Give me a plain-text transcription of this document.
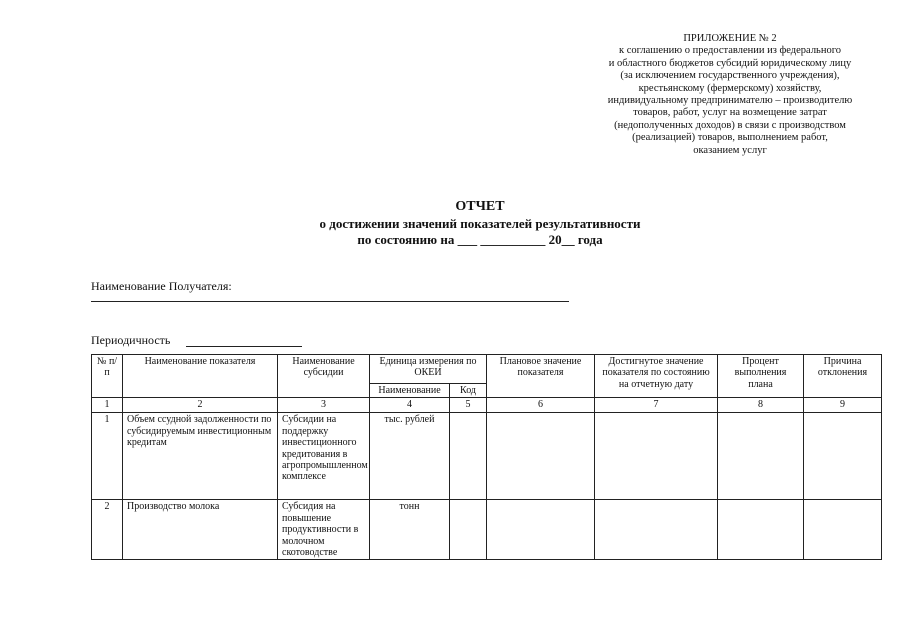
ПРИЛОЖЕНИЕ № 2
к соглашению о предоставлении из федерального
и областного бюджетов субсидий юридическому лицу
(за исключением государственного учреждения),
крестьянскому (фермерскому) хозяйству,
индивидуальному предпринимателю – производителю
товаров, работ, услуг на возмещение затрат
(недополученных доходов) в связи с производством
(реализацией) товаров, выполнением работ,
оказанием услуг
ОТЧЕТ
о достижении значений показателей результативности
по состоянию на ___ __________ 20__ года
Наименование Получателя:
Периодичность
№ п/п	Наименование показателя	Наименование субсидии	Единица измерения по ОКЕИ		Плановое значение показателя	Достигнутое значение показателя по состоянию на отчетную дату	Процент выполнения плана	Причина отклонения
			Наименование	Код				
1	2	3	4	5	6	7	8	9
1	Объем ссудной задолженности по субсидируемым инвестиционным кредитам	Субсидии на поддержку инвестиционного кредитования в агропромышленном комплексе	тыс. рублей					
2	Производство молока	Субсидия на повышение продуктивности в молочном скотоводстве	тонн					
